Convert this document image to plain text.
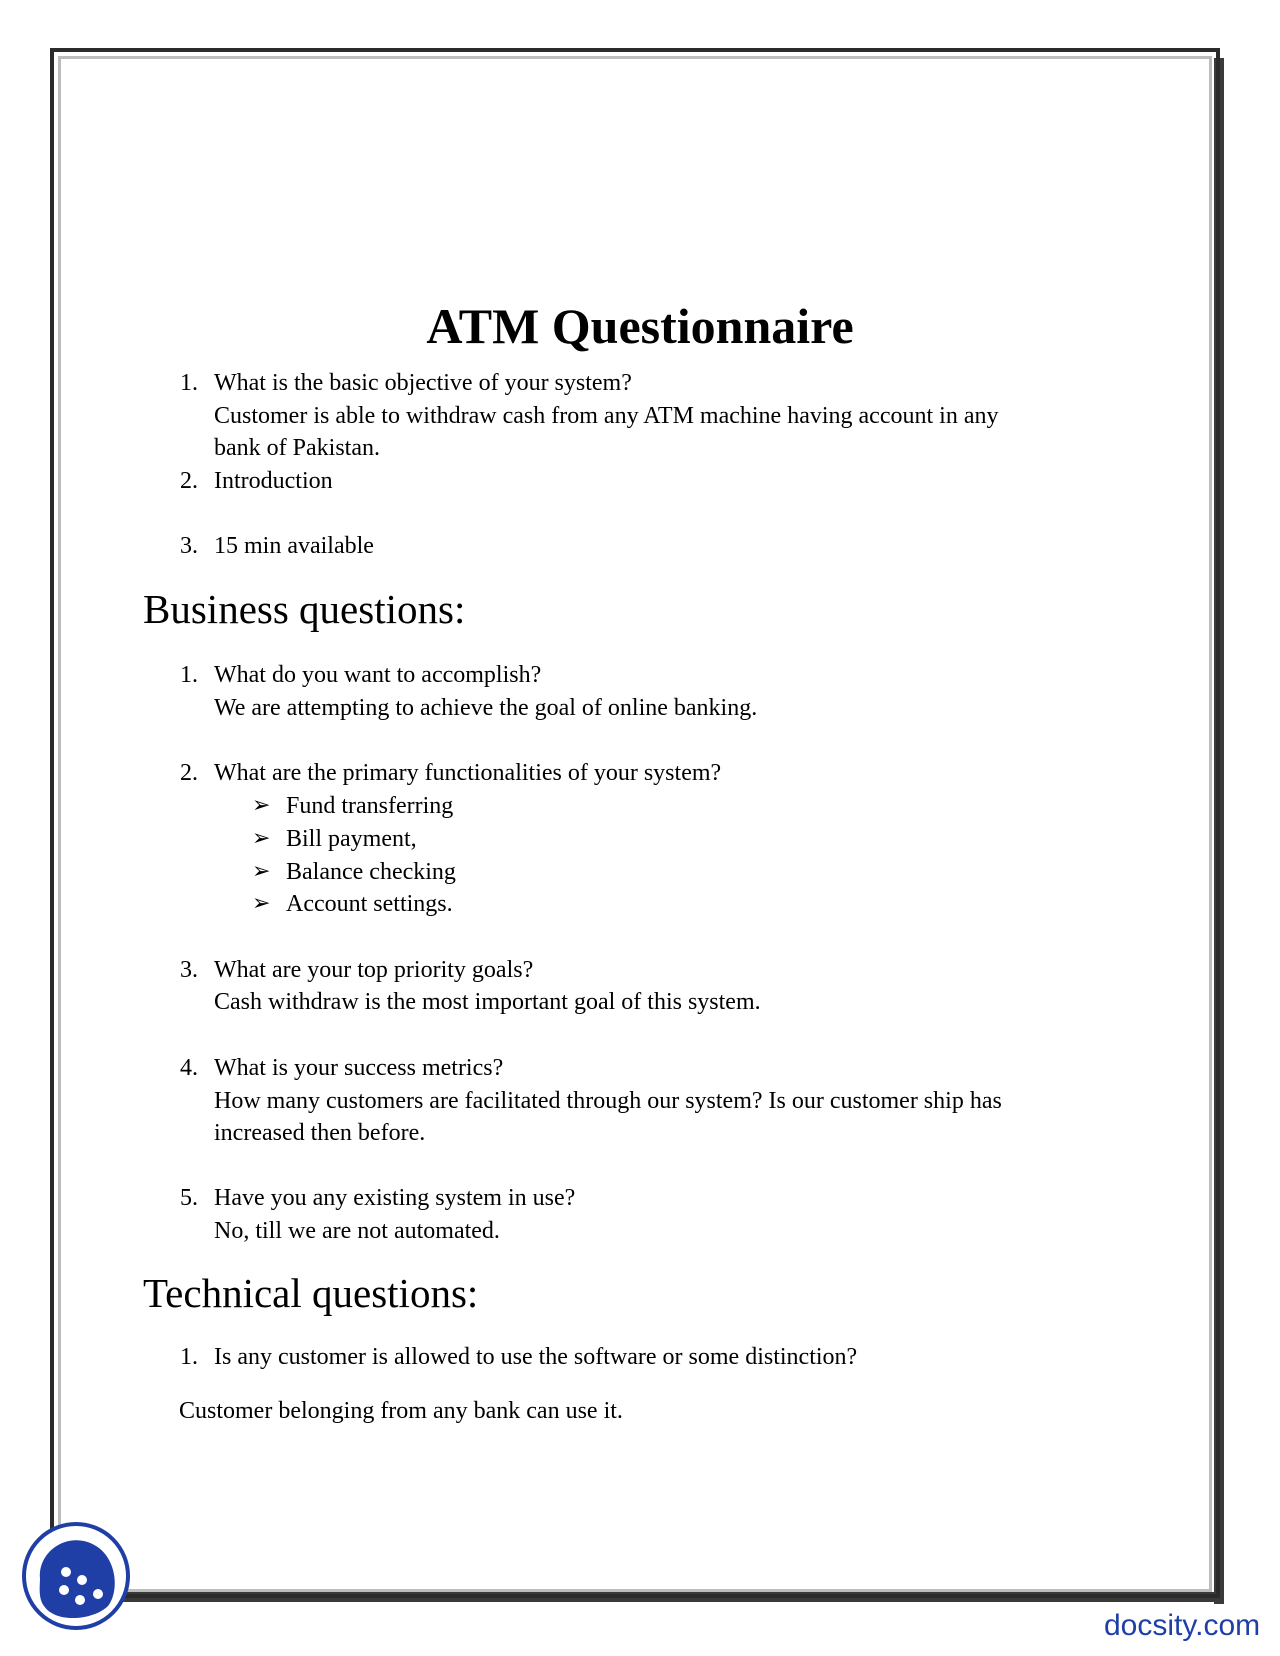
ATM Questionnaire
1. What is the basic objective of your system?
Customer is able to withdraw cash from any ATM machine having account in any
bank of Pakistan.
2. Introduction
3. 15 min available
Business questions:
1. What do you want to accomplish?
We are attempting to achieve the goal of online banking.
2. What are the primary functionalities of your system?
➢ Fund transferring
➢ Bill payment,
➢ Balance checking
➢ Account settings.
3. What are your top priority goals?
Cash withdraw is the most important goal of this system.
4. What is your success metrics?
How many customers are facilitated through our system? Is our customer ship has
increased then before.
5. Have you any existing system in use?
No, till we are not automated.
Technical questions:
1. Is any customer is allowed to use the software or some distinction?
Customer belonging from any bank can use it.
docsity.com
